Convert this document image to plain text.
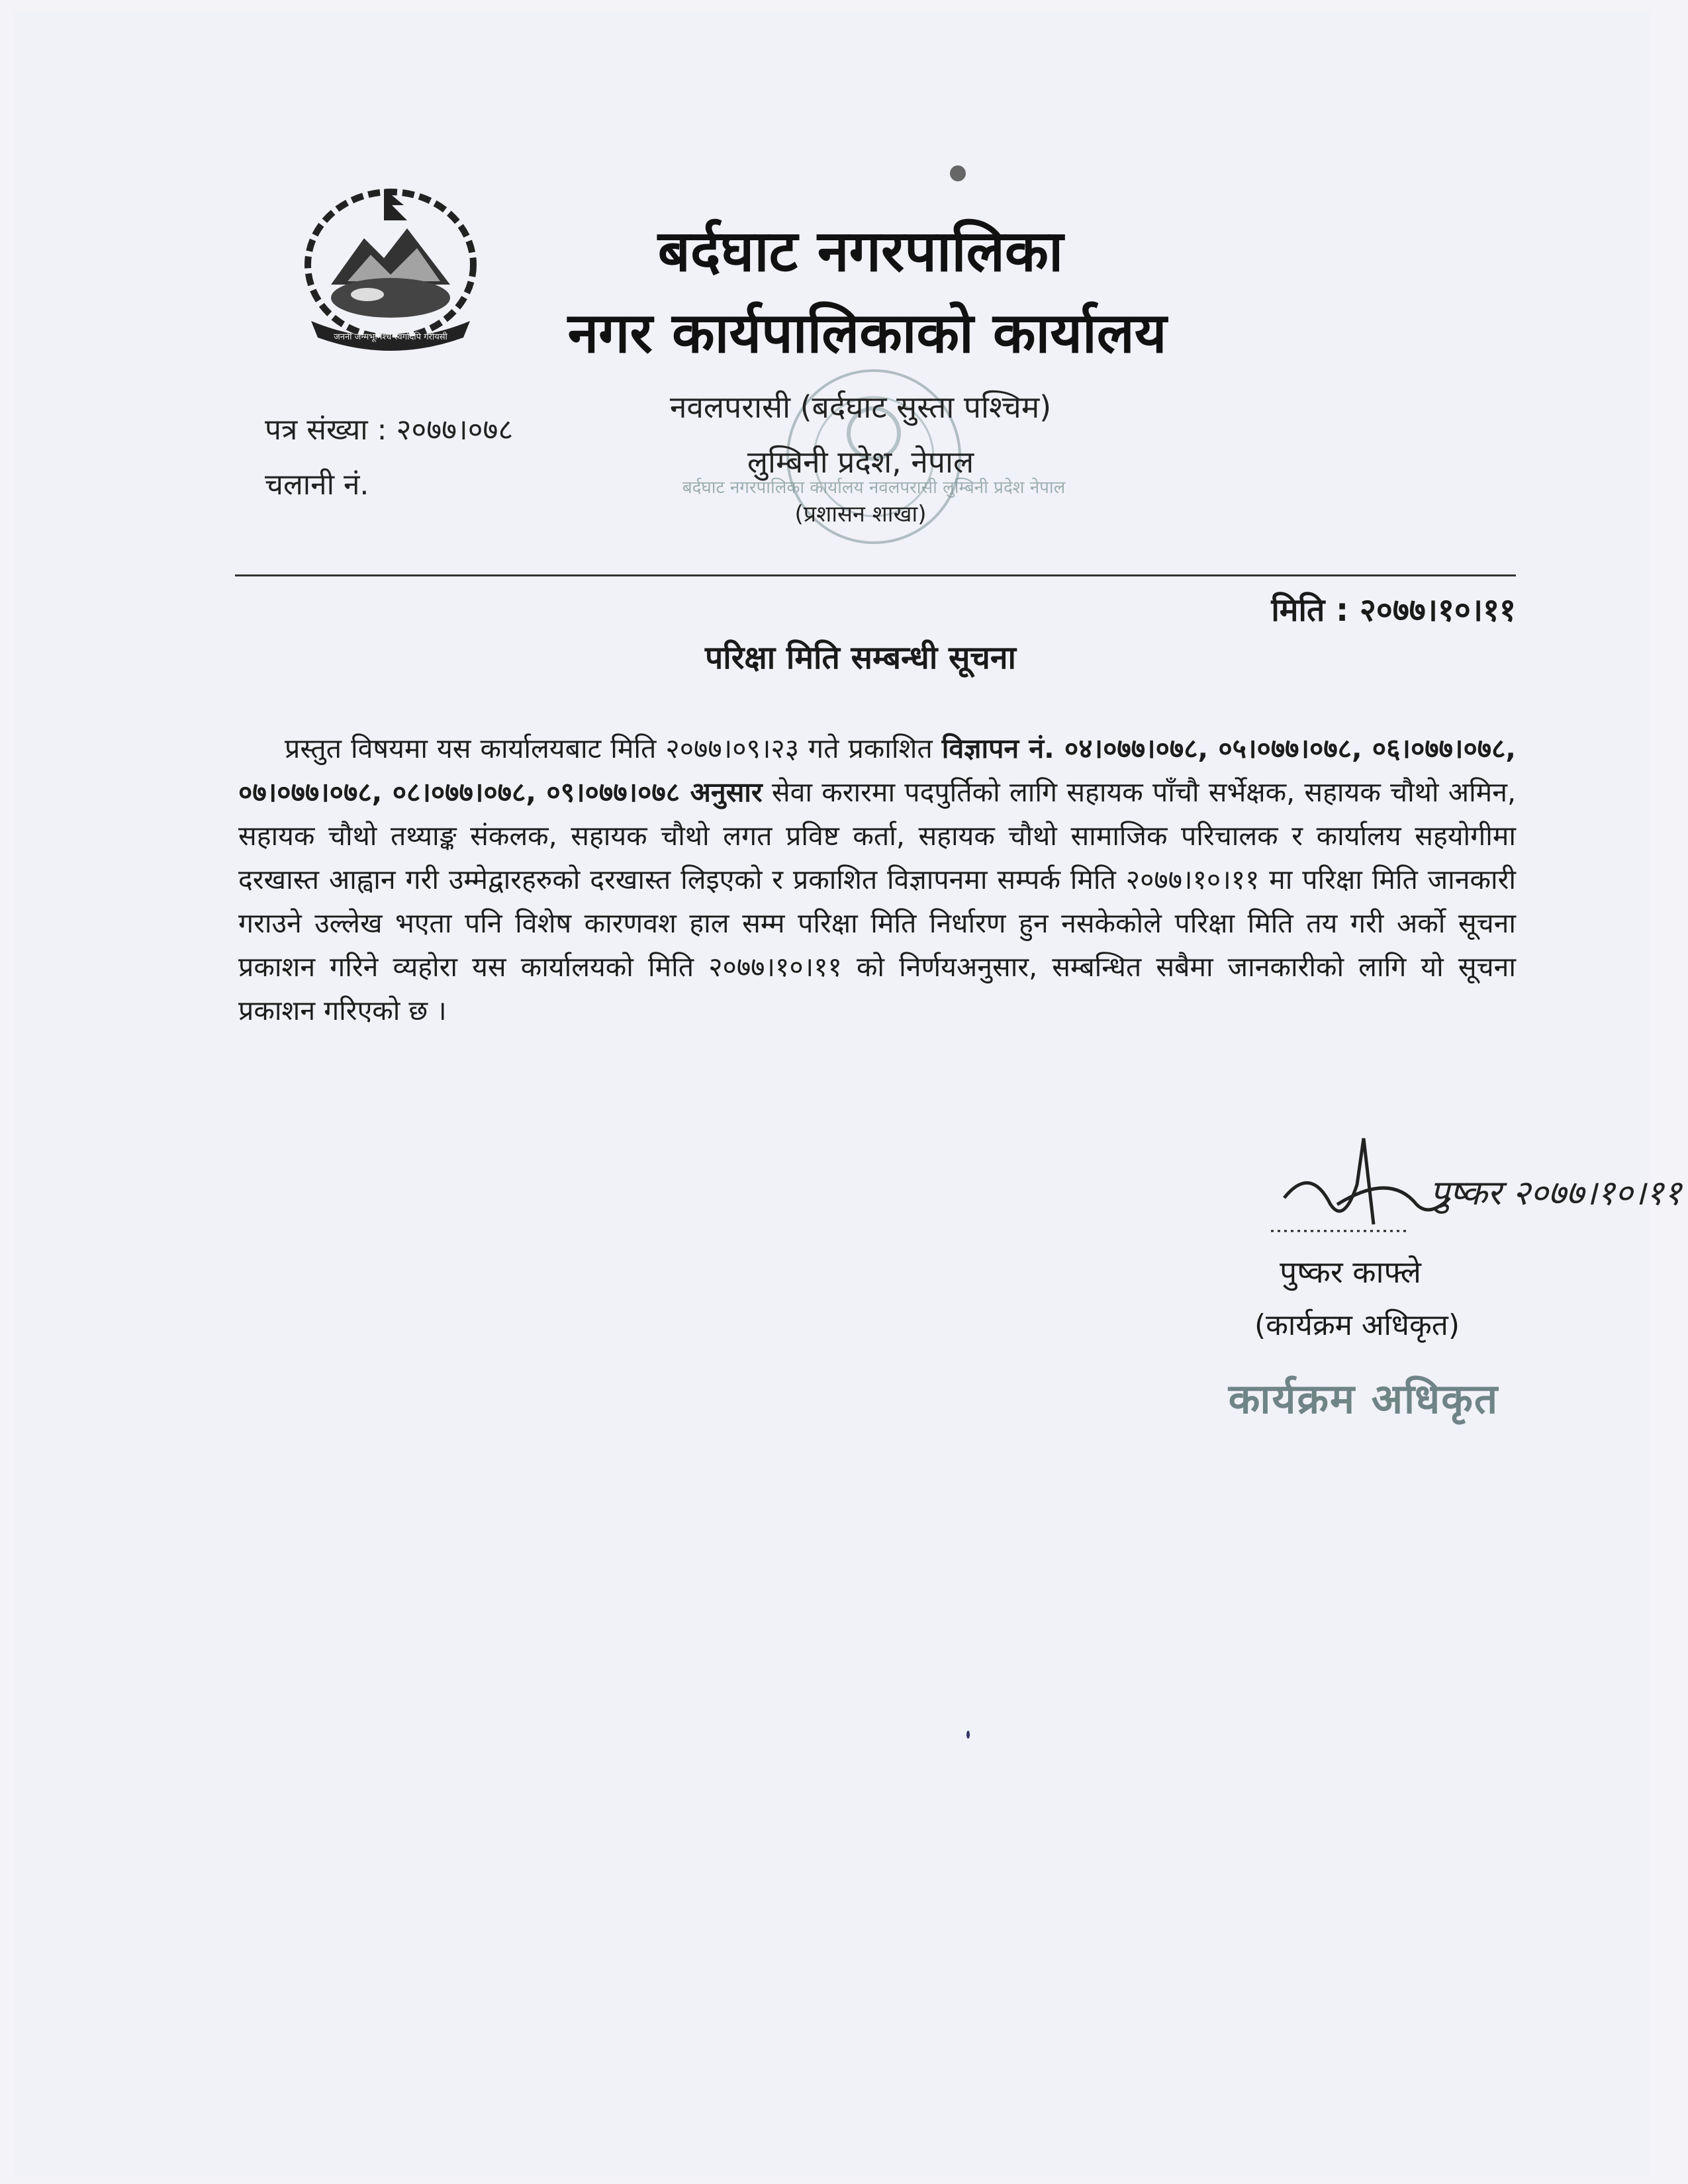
जननी जन्मभूमिश्च स्वर्गादपि गरीयसी
बर्दघाट नगरपालिका कार्यालय नवलपरासी लुम्बिनी प्रदेश नेपाल
बर्दघाट नगरपालिका
नगर कार्यपालिकाको कार्यालय
नवलपरासी (बर्दघाट सुस्ता पश्चिम)
लुम्बिनी प्रदेश, नेपाल
(प्रशासन शाखा)
पत्र संख्या : २०७७।०७८
चलानी नं.
मिति : २०७७।१०।११
परिक्षा मिति सम्बन्धी सूचना

प्रस्तुत विषयमा यस कार्यालयबाट मिति २०७७।०९।२३ गते प्रकाशित विज्ञापन नं. ०४।०७७।०७८, ०५।०७७।०७८, ०६।०७७।०७८, ०७।०७७।०७८, ०८।०७७।०७८, ०९।०७७।०७८ अनुसार सेवा करारमा पदपुर्तिको लागि सहायक पाँचौ सर्भेक्षक, सहायक चौथो अमिन, सहायक चौथो तथ्याङ्क संकलक, सहायक चौथो लगत प्रविष्ट कर्ता, सहायक चौथो सामाजिक परिचालक र कार्यालय सहयोगीमा दरखास्त आह्वान गरी उम्मेद्वारहरुको दरखास्त लिइएको र प्रकाशित विज्ञापनमा सम्पर्क मिति २०७७।१०।११ मा परिक्षा मिति जानकारी गराउने उल्लेख भएता पनि विशेष कारणवश हाल सम्म परिक्षा मिति निर्धारण हुन नसकेकोले परिक्षा मिति तय गरी अर्को सूचना प्रकाशन गरिने व्यहोरा यस कार्यालयको मिति २०७७।१०।११ को निर्णयअनुसार, सम्बन्धित सबैमा जानकारीको लागि यो सूचना प्रकाशन गरिएको छ ।

पुष्कर २०७७।१०।११
पुष्कर काफ्ले
(कार्यक्रम अधिकृत)
कार्यक्रम अधिकृत
